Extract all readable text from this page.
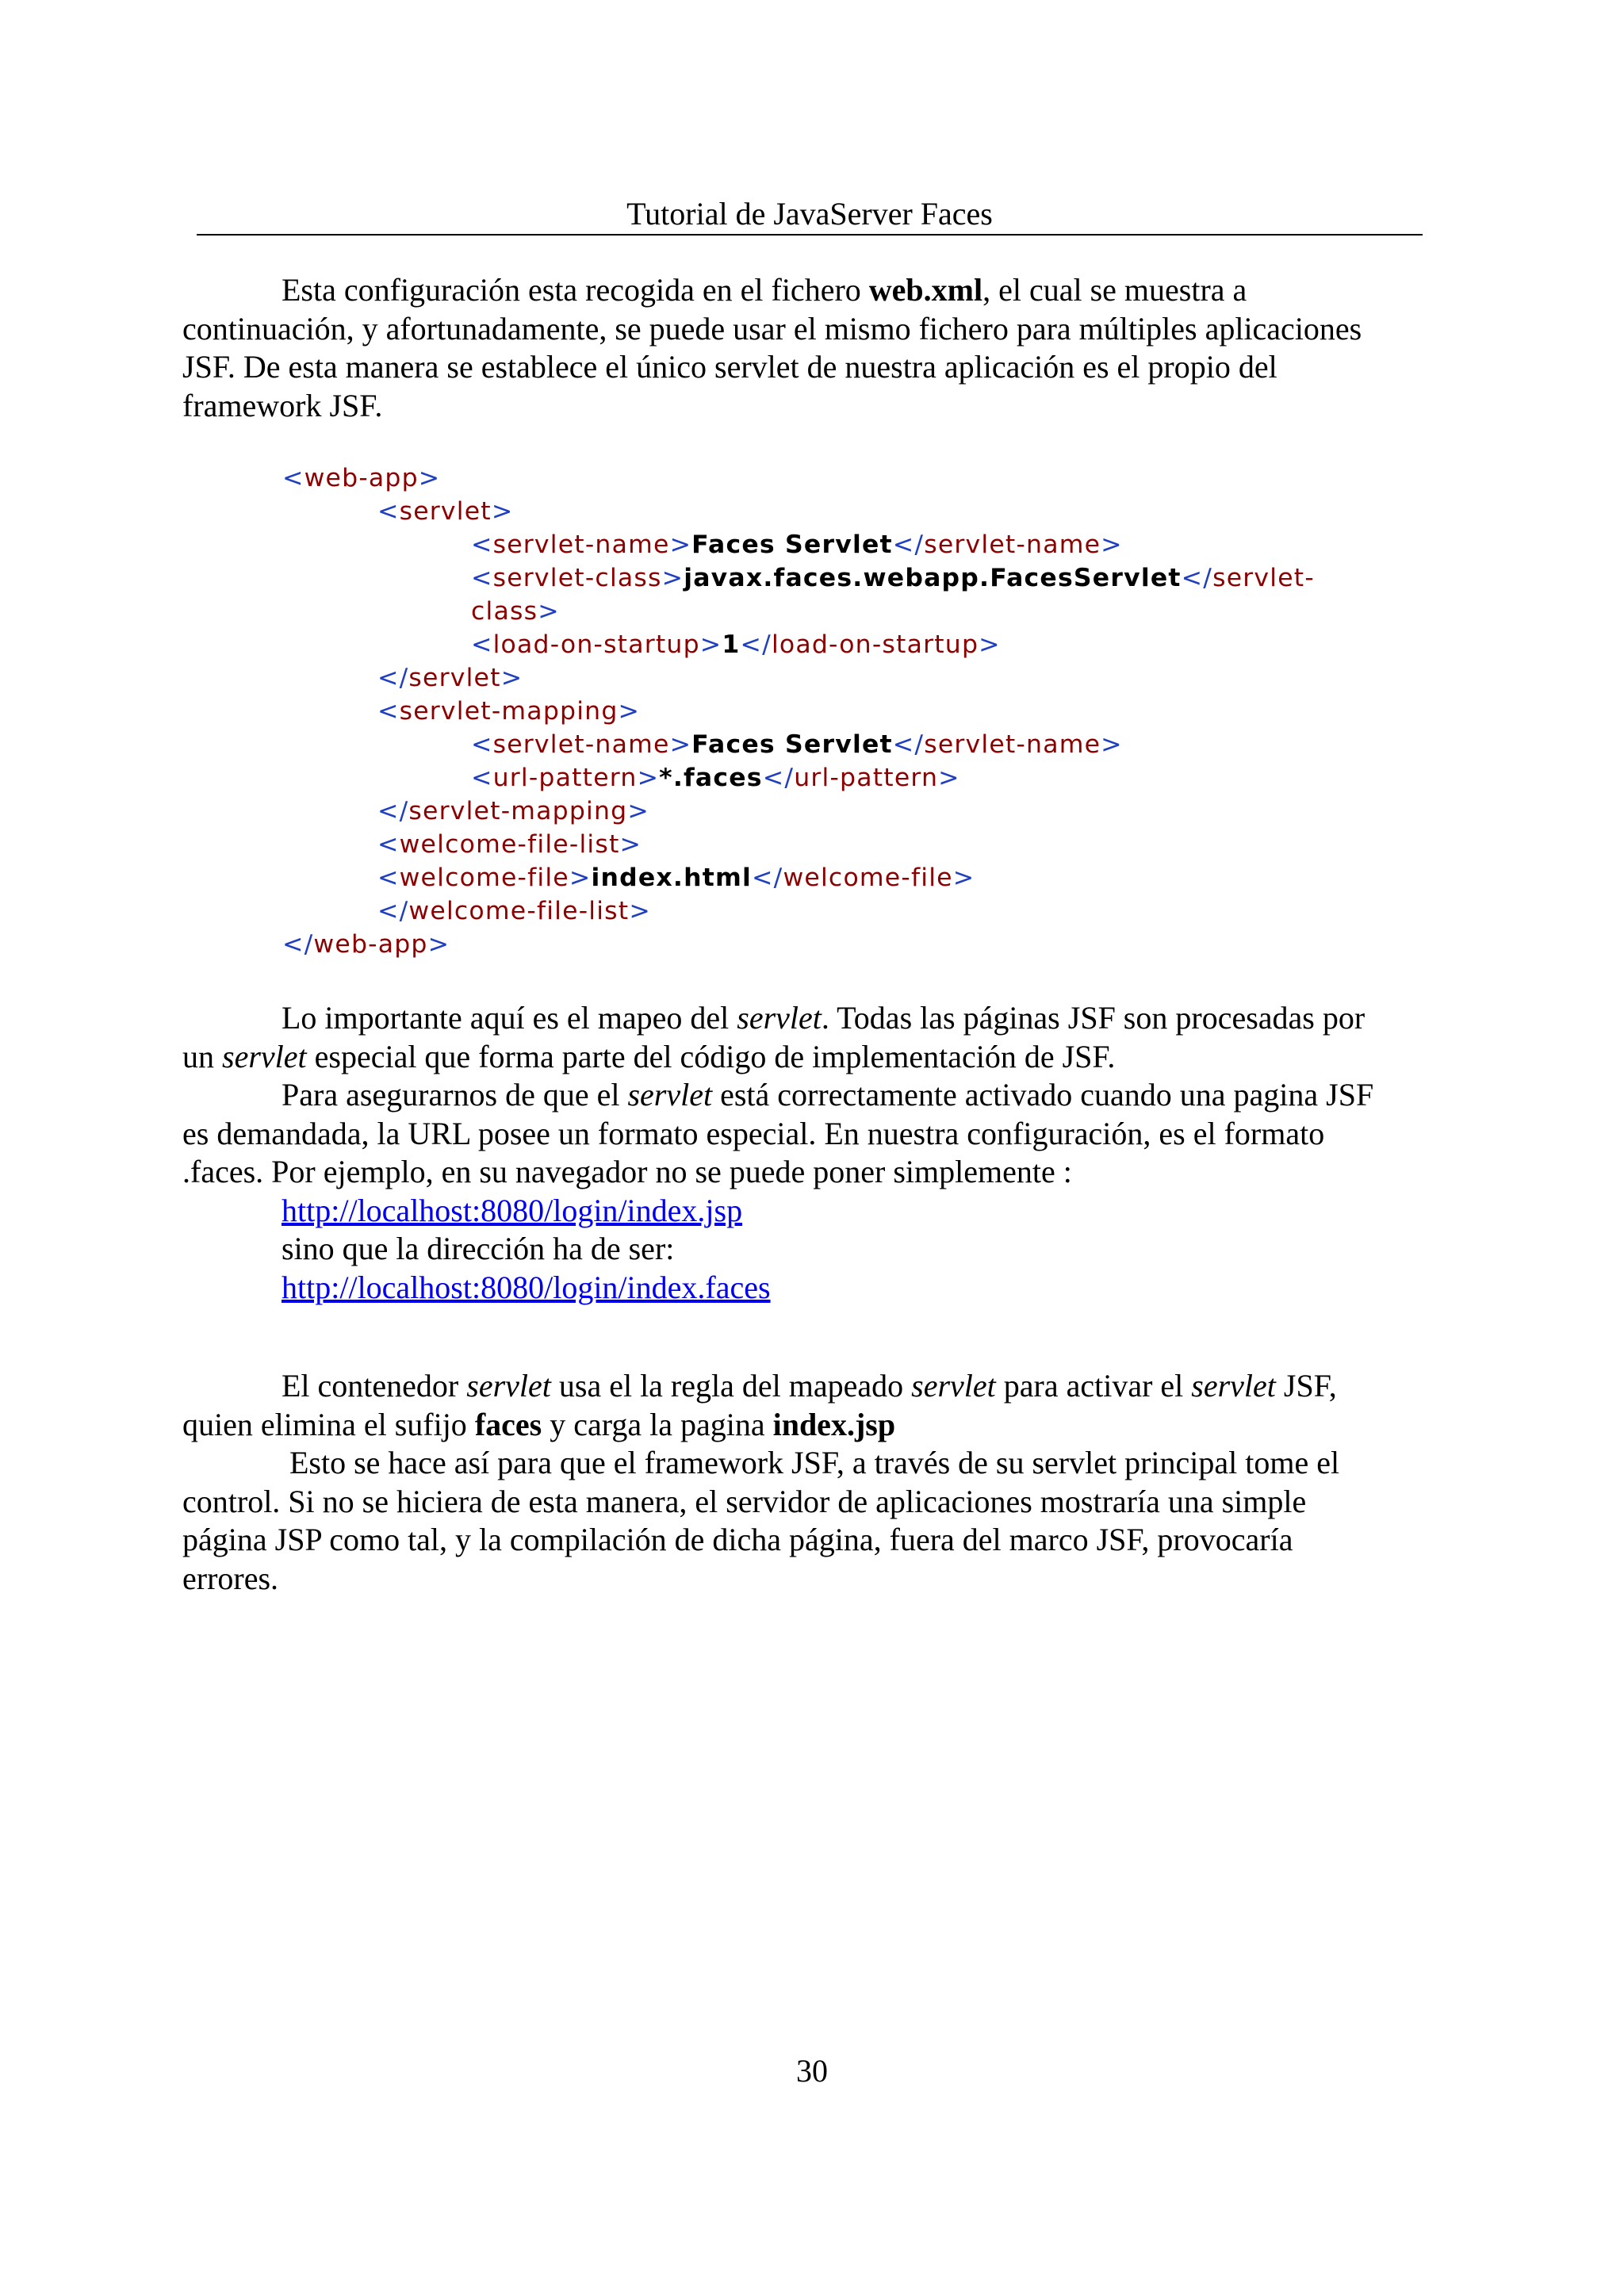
Tutorial de JavaServer Faces
Esta configuración esta recogida en el fichero web.xml, el cual se muestra a
continuación, y afortunadamente, se puede usar el mismo fichero para múltiples aplicaciones
JSF. De esta manera se establece el único servlet de nuestra aplicación es el propio del
framework JSF.
<web-app>
<servlet>
<servlet-name>Faces Servlet</servlet-name>
<servlet-class>javax.faces.webapp.FacesServlet</servlet-
class>
<load-on-startup>1</load-on-startup>
</servlet>
<servlet-mapping>
<servlet-name>Faces Servlet</servlet-name>
<url-pattern>*.faces</url-pattern>
</servlet-mapping>
<welcome-file-list>
<welcome-file>index.html</welcome-file>
</welcome-file-list>
</web-app>
Lo importante aquí es el mapeo del servlet. Todas las páginas JSF son procesadas por
un servlet especial que forma parte del código de implementación de JSF.
Para asegurarnos de que el servlet está correctamente activado cuando una pagina JSF
es demandada, la URL posee un formato especial. En nuestra configuración, es el formato
.faces. Por ejemplo, en su navegador no se puede poner simplemente :
http://localhost:8080/login/index.jsp
sino que la dirección ha de ser:
http://localhost:8080/login/index.faces
El contenedor servlet usa el la regla del mapeado servlet para activar el servlet JSF,
quien elimina el sufijo faces y carga la pagina index.jsp
Esto se hace así para que el framework JSF, a través de su servlet principal tome el
control. Si no se hiciera de esta manera, el servidor de aplicaciones mostraría una simple
página JSP como tal, y la compilación de dicha página, fuera del marco JSF, provocaría
errores.
30
